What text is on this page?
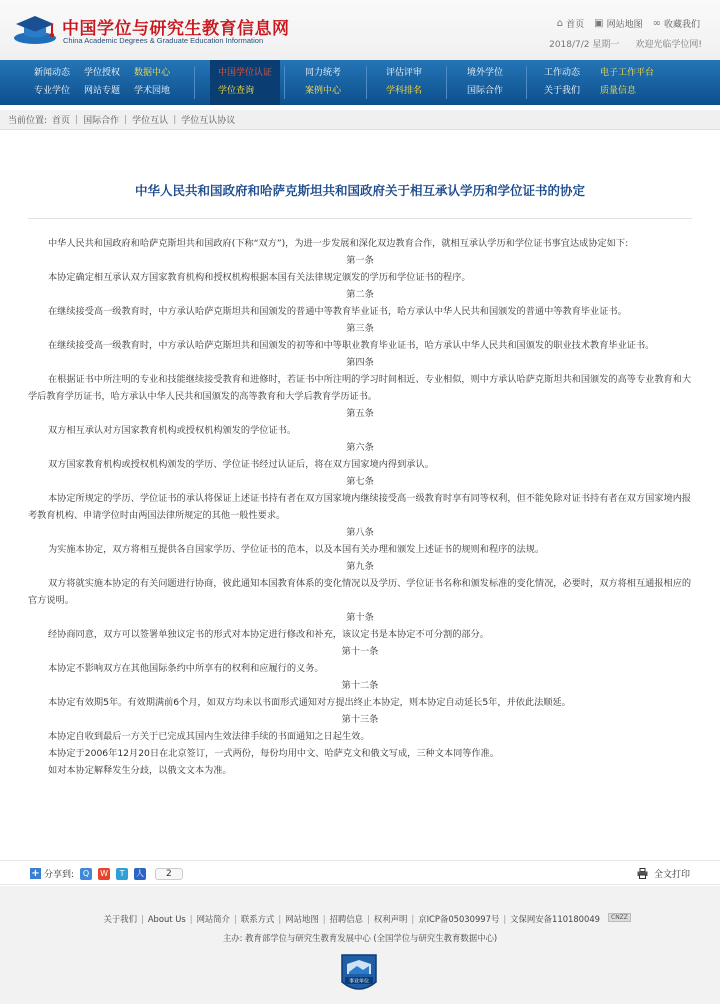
中国学位与研究生教育信息网
China Academic Degrees & Graduate Education Information
⌂ 首页 ▣ 网站地图 ∞ 收藏我们
2018/7/2 星期一 欢迎光临学位网!
新闻动态
专业学位
学位授权
网站专题
数据中心
学术园地
中国学位认证
学位查询
同力统考
案例中心
评估评审
学科排名
境外学位
国际合作
工作动态
关于我们
电子工作平台
质量信息
当前位置: 首页 | 国际合作 | 学位互认 | 学位互认协议
中华人民共和国政府和哈萨克斯坦共和国政府关于相互承认学历和学位证书的协定

中华人民共和国政府和哈萨克斯坦共和国政府(下称“双方”)，为进一步发展和深化双边教育合作，就相互承认学历和学位证书事宜达成协定如下:

第一条

本协定确定相互承认双方国家教育机构和授权机构根据本国有关法律规定颁发的学历和学位证书的程序。

第二条

在继续接受高一级教育时，中方承认哈萨克斯坦共和国颁发的普通中等教育毕业证书，哈方承认中华人民共和国颁发的普通中等教育毕业证书。

第三条

在继续接受高一级教育时，中方承认哈萨克斯坦共和国颁发的初等和中等职业教育毕业证书，哈方承认中华人民共和国颁发的职业技术教育毕业证书。

第四条

在根据证书中所注明的专业和技能继续接受教育和进修时，若证书中所注明的学习时间相近、专业相似，则中方承认哈萨克斯坦共和国颁发的高等专业教育和大学后教育学历证书，哈方承认中华人民共和国颁发的高等教育和大学后教育学历证书。

第五条

双方相互承认对方国家教育机构或授权机构颁发的学位证书。

第六条

双方国家教育机构或授权机构颁发的学历、学位证书经过认证后，将在双方国家境内得到承认。

第七条

本协定所规定的学历、学位证书的承认将保证上述证书持有者在双方国家境内继续接受高一级教育时享有同等权利，但不能免除对证书持有者在双方国家境内报考教育机构、申请学位时由两国法律所规定的其他一般性要求。

第八条

为实施本协定，双方将相互提供各自国家学历、学位证书的范本，以及本国有关办理和颁发上述证书的规则和程序的法规。

第九条

双方将就实施本协定的有关问题进行协商，彼此通知本国教育体系的变化情况以及学历、学位证书名称和颁发标准的变化情况，必要时，双方将相互通报相应的官方说明。

第十条

经协商同意，双方可以签署单独议定书的形式对本协定进行修改和补充，该议定书是本协定不可分割的部分。

第十一条

本协定不影响双方在其他国际条约中所享有的权利和应履行的义务。

第十二条

本协定有效期5年。有效期满前6个月，如双方均未以书面形式通知对方提出终止本协定，则本协定自动延长5年，并依此法顺延。

第十三条

本协定自收到最后一方关于已完成其国内生效法律手续的书面通知之日起生效。

本协定于2006年12月20日在北京签订，一式两份，每份均用中文、哈萨克文和俄文写成，三种文本同等作准。

如对本协定解释发生分歧，以俄文文本为准。

+ 分享到:	Q	W	T	人	2	全文打印
关于我们 | About Us | 网站简介 | 联系方式 | 网站地图 | 招聘信息 | 权利声明 | 京ICP备05030997号 | 文保网安备110180049	CNZZ
主办: 教育部学位与研究生教育发展中心 (全国学位与研究生教育数据中心)
事业单位
